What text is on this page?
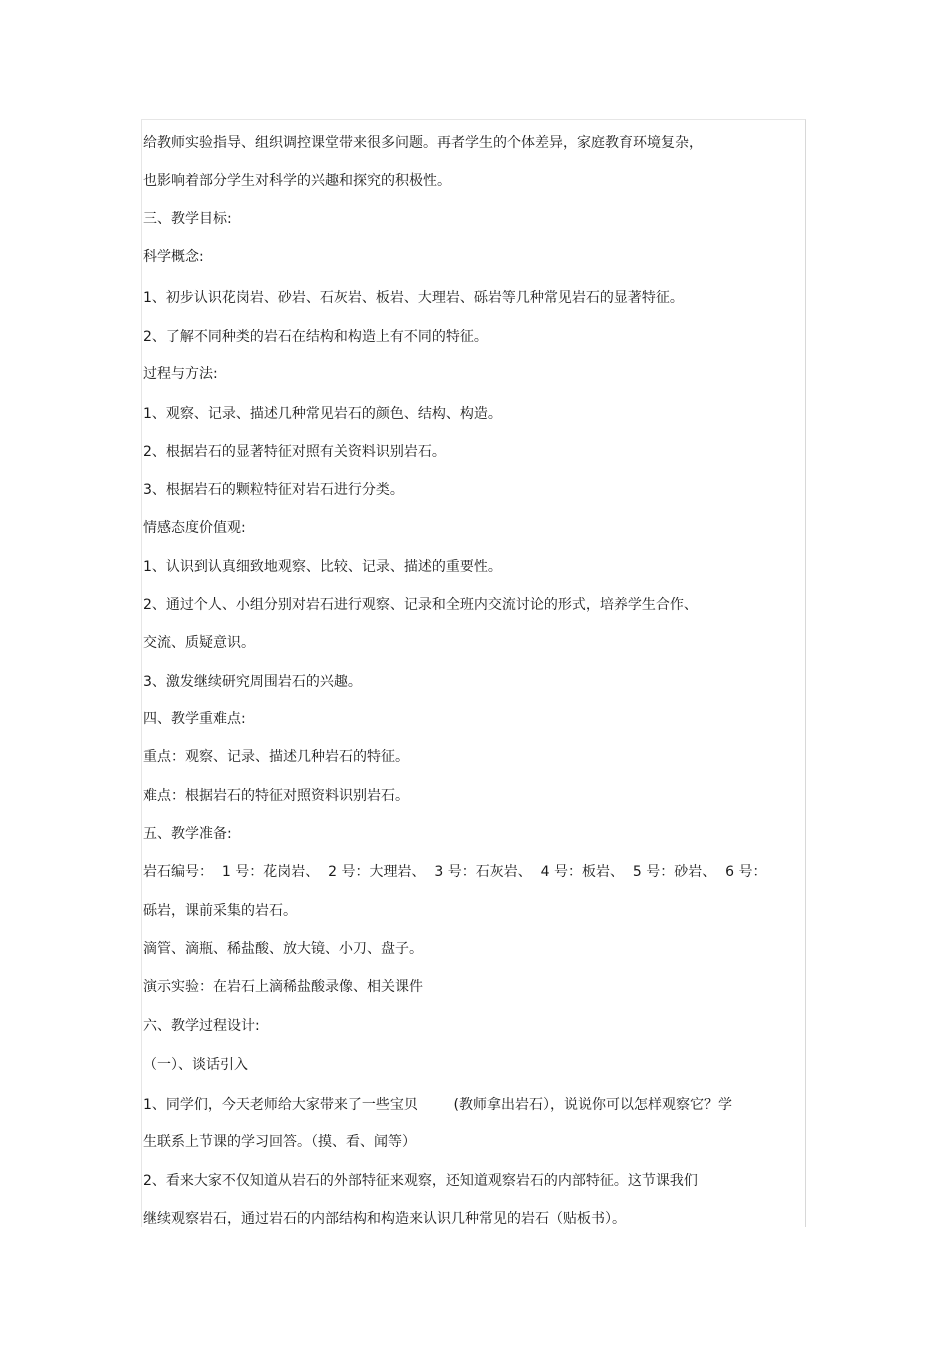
给教师实验指导、组织调控课堂带来很多问题。再者学生的个体差异，家庭教育环境复杂，

也影响着部分学生对科学的兴趣和探究的积极性。

三、教学目标:

科学概念:

1、初步认识花岗岩、砂岩、石灰岩、板岩、大理岩、砾岩等几种常见岩石的显著特征。

2、了解不同种类的岩石在结构和构造上有不同的特征。

过程与方法:

1、观察、记录、描述几种常见岩石的颜色、结构、构造。

2、根据岩石的显著特征对照有关资料识别岩石。

3、根据岩石的颗粒特征对岩石进行分类。

情感态度价值观:

1、认识到认真细致地观察、比较、记录、描述的重要性。

2、通过个人、小组分别对岩石进行观察、记录和全班内交流讨论的形式，培养学生合作、

交流、质疑意识。

3、激发继续研究周围岩石的兴趣。

四、教学重难点:

重点：观察、记录、描述几种岩石的特征。

难点：根据岩石的特征对照资料识别岩石。

五、教学准备:

岩石编号：  1 号：花岗岩、  2 号：大理岩、  3 号：石灰岩、  4 号：板岩、  5 号：砂岩、  6 号：

砾岩，课前采集的岩石。

滴管、滴瓶、稀盐酸、放大镜、小刀、盘子。

演示实验：在岩石上滴稀盐酸录像、相关课件

六、教学过程设计:

（一）、谈话引入

1、同学们，今天老师给大家带来了一些宝贝        (教师拿出岩石），说说你可以怎样观察它？学

生联系上节课的学习回答。（摸、看、闻等）

2、看来大家不仅知道从岩石的外部特征来观察，还知道观察岩石的内部特征。这节课我们

继续观察岩石，通过岩石的内部结构和构造来认识几种常见的岩石（贴板书）。
